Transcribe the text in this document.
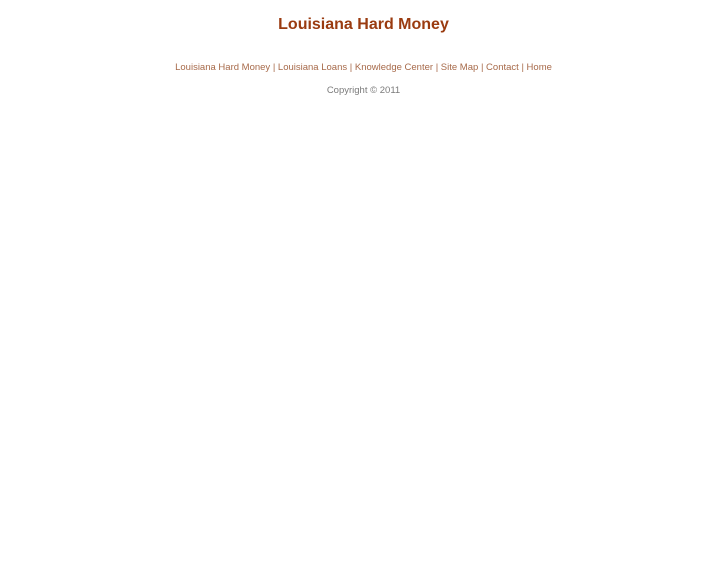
Louisiana Hard Money
Louisiana Hard Money | Louisiana Loans | Knowledge Center | Site Map | Contact | Home
Copyright © 2011
